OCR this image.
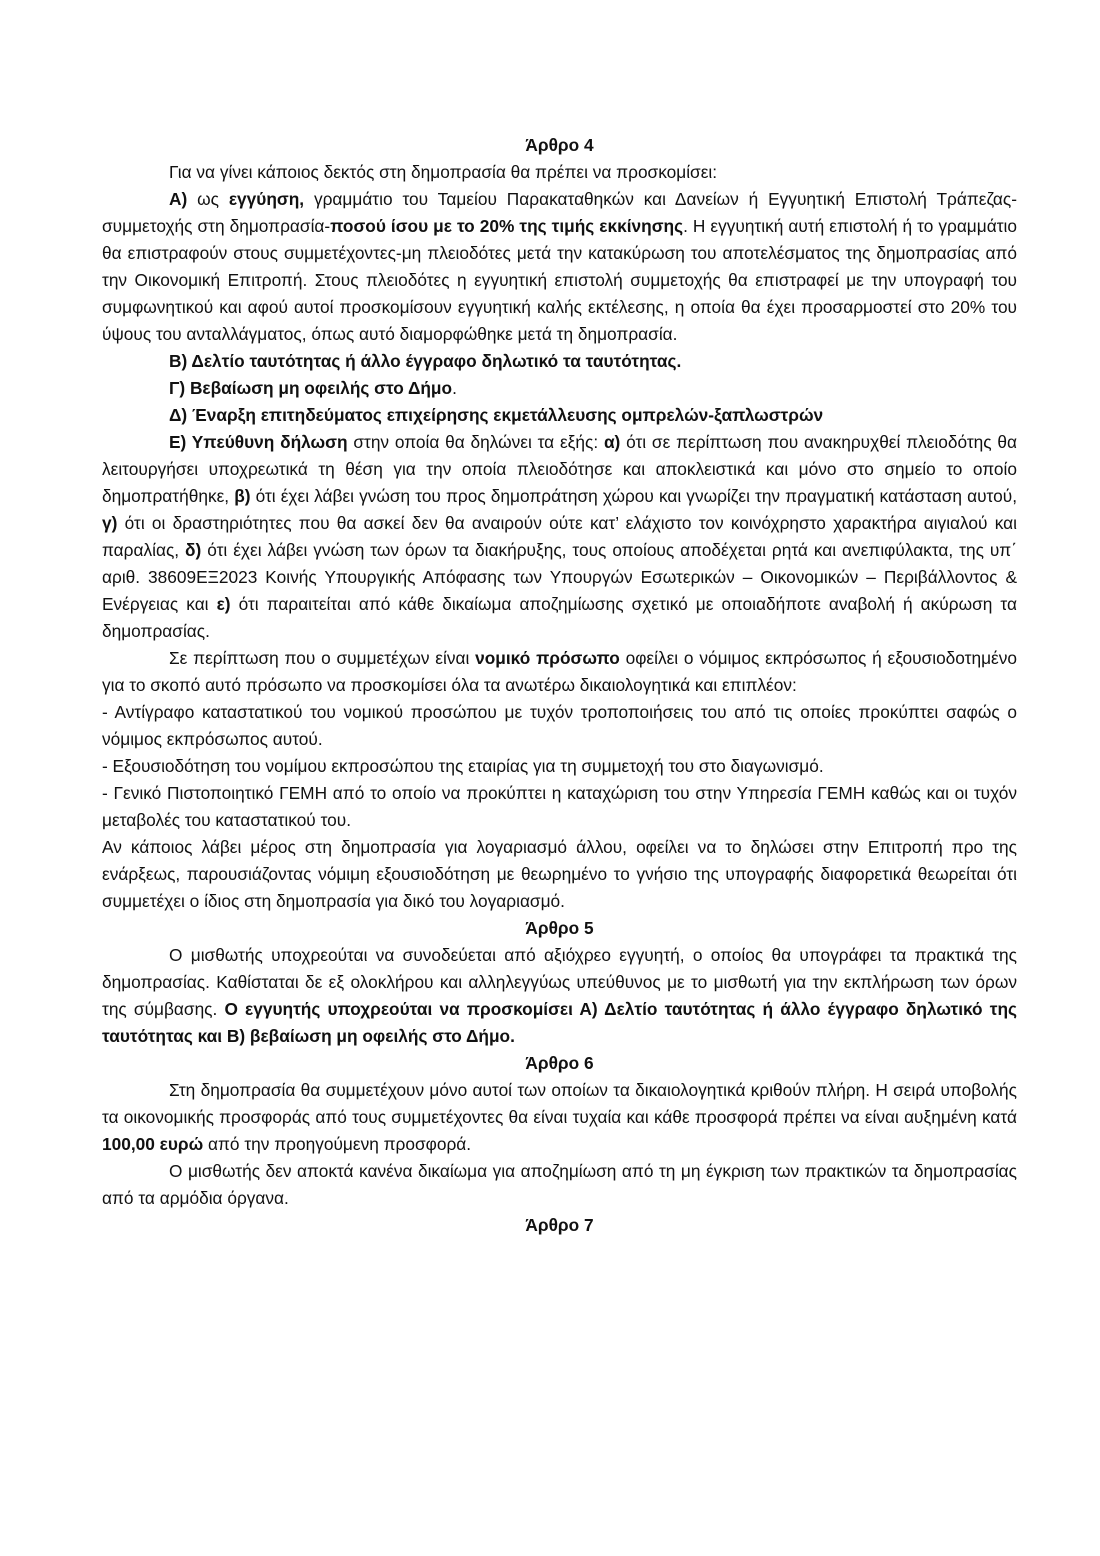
Άρθρο 4

Για να γίνει κάποιος δεκτός στη δημοπρασία θα πρέπει να προσκομίσει:

Α) ως εγγύηση, γραμμάτιο του Ταμείου Παρακαταθηκών και Δανείων ή Εγγυητική Επιστολή Τράπεζας-συμμετοχής στη δημοπρασία-ποσού ίσου με το 20% της τιμής εκκίνησης. Η εγγυητική αυτή επιστολή ή το γραμμάτιο θα επιστραφούν στους συμμετέχοντες-μη πλειοδότες μετά την κατακύρωση του αποτελέσματος της δημοπρασίας από την Οικονομική Επιτροπή. Στους πλειοδότες η εγγυητική επιστολή συμμετοχής θα επιστραφεί με την υπογραφή του συμφωνητικού και αφού αυτοί προσκομίσουν εγγυητική καλής εκτέλεσης, η οποία θα έχει προσαρμοστεί στο 20% του ύψους του ανταλλάγματος, όπως αυτό διαμορφώθηκε μετά τη δημοπρασία.

Β) Δελτίο ταυτότητας ή άλλο έγγραφο δηλωτικό τα ταυτότητας.

Γ) Βεβαίωση μη οφειλής στο Δήμο.

Δ) Έναρξη επιτηδεύματος επιχείρησης εκμετάλλευσης ομπρελών-ξαπλωστρών

Ε) Υπεύθυνη δήλωση στην οποία θα δηλώνει τα εξής: α) ότι σε περίπτωση που ανακηρυχθεί πλειοδότης θα λειτουργήσει υποχρεωτικά τη θέση για την οποία πλειοδότησε και αποκλειστικά και μόνο στο σημείο το οποίο δημοπρατήθηκε, β) ότι έχει λάβει γνώση του προς δημοπράτηση χώρου και γνωρίζει την πραγματική κατάσταση αυτού, γ) ότι οι δραστηριότητες που θα ασκεί δεν θα αναιρούν ούτε κατ’ ελάχιστο τον κοινόχρηστο χαρακτήρα αιγιαλού και παραλίας, δ) ότι έχει λάβει γνώση των όρων τα διακήρυξης, τους οποίους αποδέχεται ρητά και ανεπιφύλακτα, της υπ΄ αριθ. 38609ΕΞ2023 Κοινής Υπουργικής Απόφασης των Υπουργών Εσωτερικών – Οικονομικών – Περιβάλλοντος & Ενέργειας και ε) ότι παραιτείται από κάθε δικαίωμα αποζημίωσης σχετικό με οποιαδήποτε αναβολή ή ακύρωση τα δημοπρασίας.

Σε περίπτωση που ο συμμετέχων είναι νομικό πρόσωπο οφείλει ο νόμιμος εκπρόσωπος ή εξουσιοδοτημένο για το σκοπό αυτό πρόσωπο να προσκομίσει όλα τα ανωτέρω δικαιολογητικά και επιπλέον:

- Αντίγραφο καταστατικού του νομικού προσώπου με τυχόν τροποποιήσεις του από τις οποίες προκύπτει σαφώς ο νόμιμος εκπρόσωπος αυτού.

- Εξουσιοδότηση του νομίμου εκπροσώπου της εταιρίας για τη συμμετοχή του στο διαγωνισμό.

- Γενικό Πιστοποιητικό ΓΕΜΗ από το οποίο να προκύπτει η καταχώριση του στην Υπηρεσία ΓΕΜΗ καθώς και οι τυχόν μεταβολές του καταστατικού του.

Αν κάποιος λάβει μέρος στη δημοπρασία για λογαριασμό άλλου, οφείλει να το δηλώσει στην Επιτροπή προ της ενάρξεως, παρουσιάζοντας νόμιμη εξουσιοδότηση με θεωρημένο το γνήσιο της υπογραφής διαφορετικά θεωρείται ότι συμμετέχει ο ίδιος στη δημοπρασία για δικό του λογαριασμό.

Άρθρο 5

Ο μισθωτής υποχρεούται να συνοδεύεται από αξιόχρεο εγγυητή, ο οποίος θα υπογράφει τα πρακτικά της δημοπρασίας. Καθίσταται δε εξ ολοκλήρου και αλληλεγγύως υπεύθυνος με το μισθωτή για την εκπλήρωση των όρων της σύμβασης. Ο εγγυητής υποχρεούται να προσκομίσει Α) Δελτίο ταυτότητας ή άλλο έγγραφο δηλωτικό της ταυτότητας και Β) βεβαίωση μη οφειλής στο Δήμο.

Άρθρο 6

Στη δημοπρασία θα συμμετέχουν μόνο αυτοί των οποίων τα δικαιολογητικά κριθούν πλήρη. Η σειρά υποβολής τα οικονομικής προσφοράς από τους συμμετέχοντες θα είναι τυχαία και κάθε προσφορά πρέπει να είναι αυξημένη κατά 100,00 ευρώ από την προηγούμενη προσφορά.

Ο μισθωτής δεν αποκτά κανένα δικαίωμα για αποζημίωση από τη μη έγκριση των πρακτικών τα δημοπρασίας από τα αρμόδια όργανα.

Άρθρο 7
